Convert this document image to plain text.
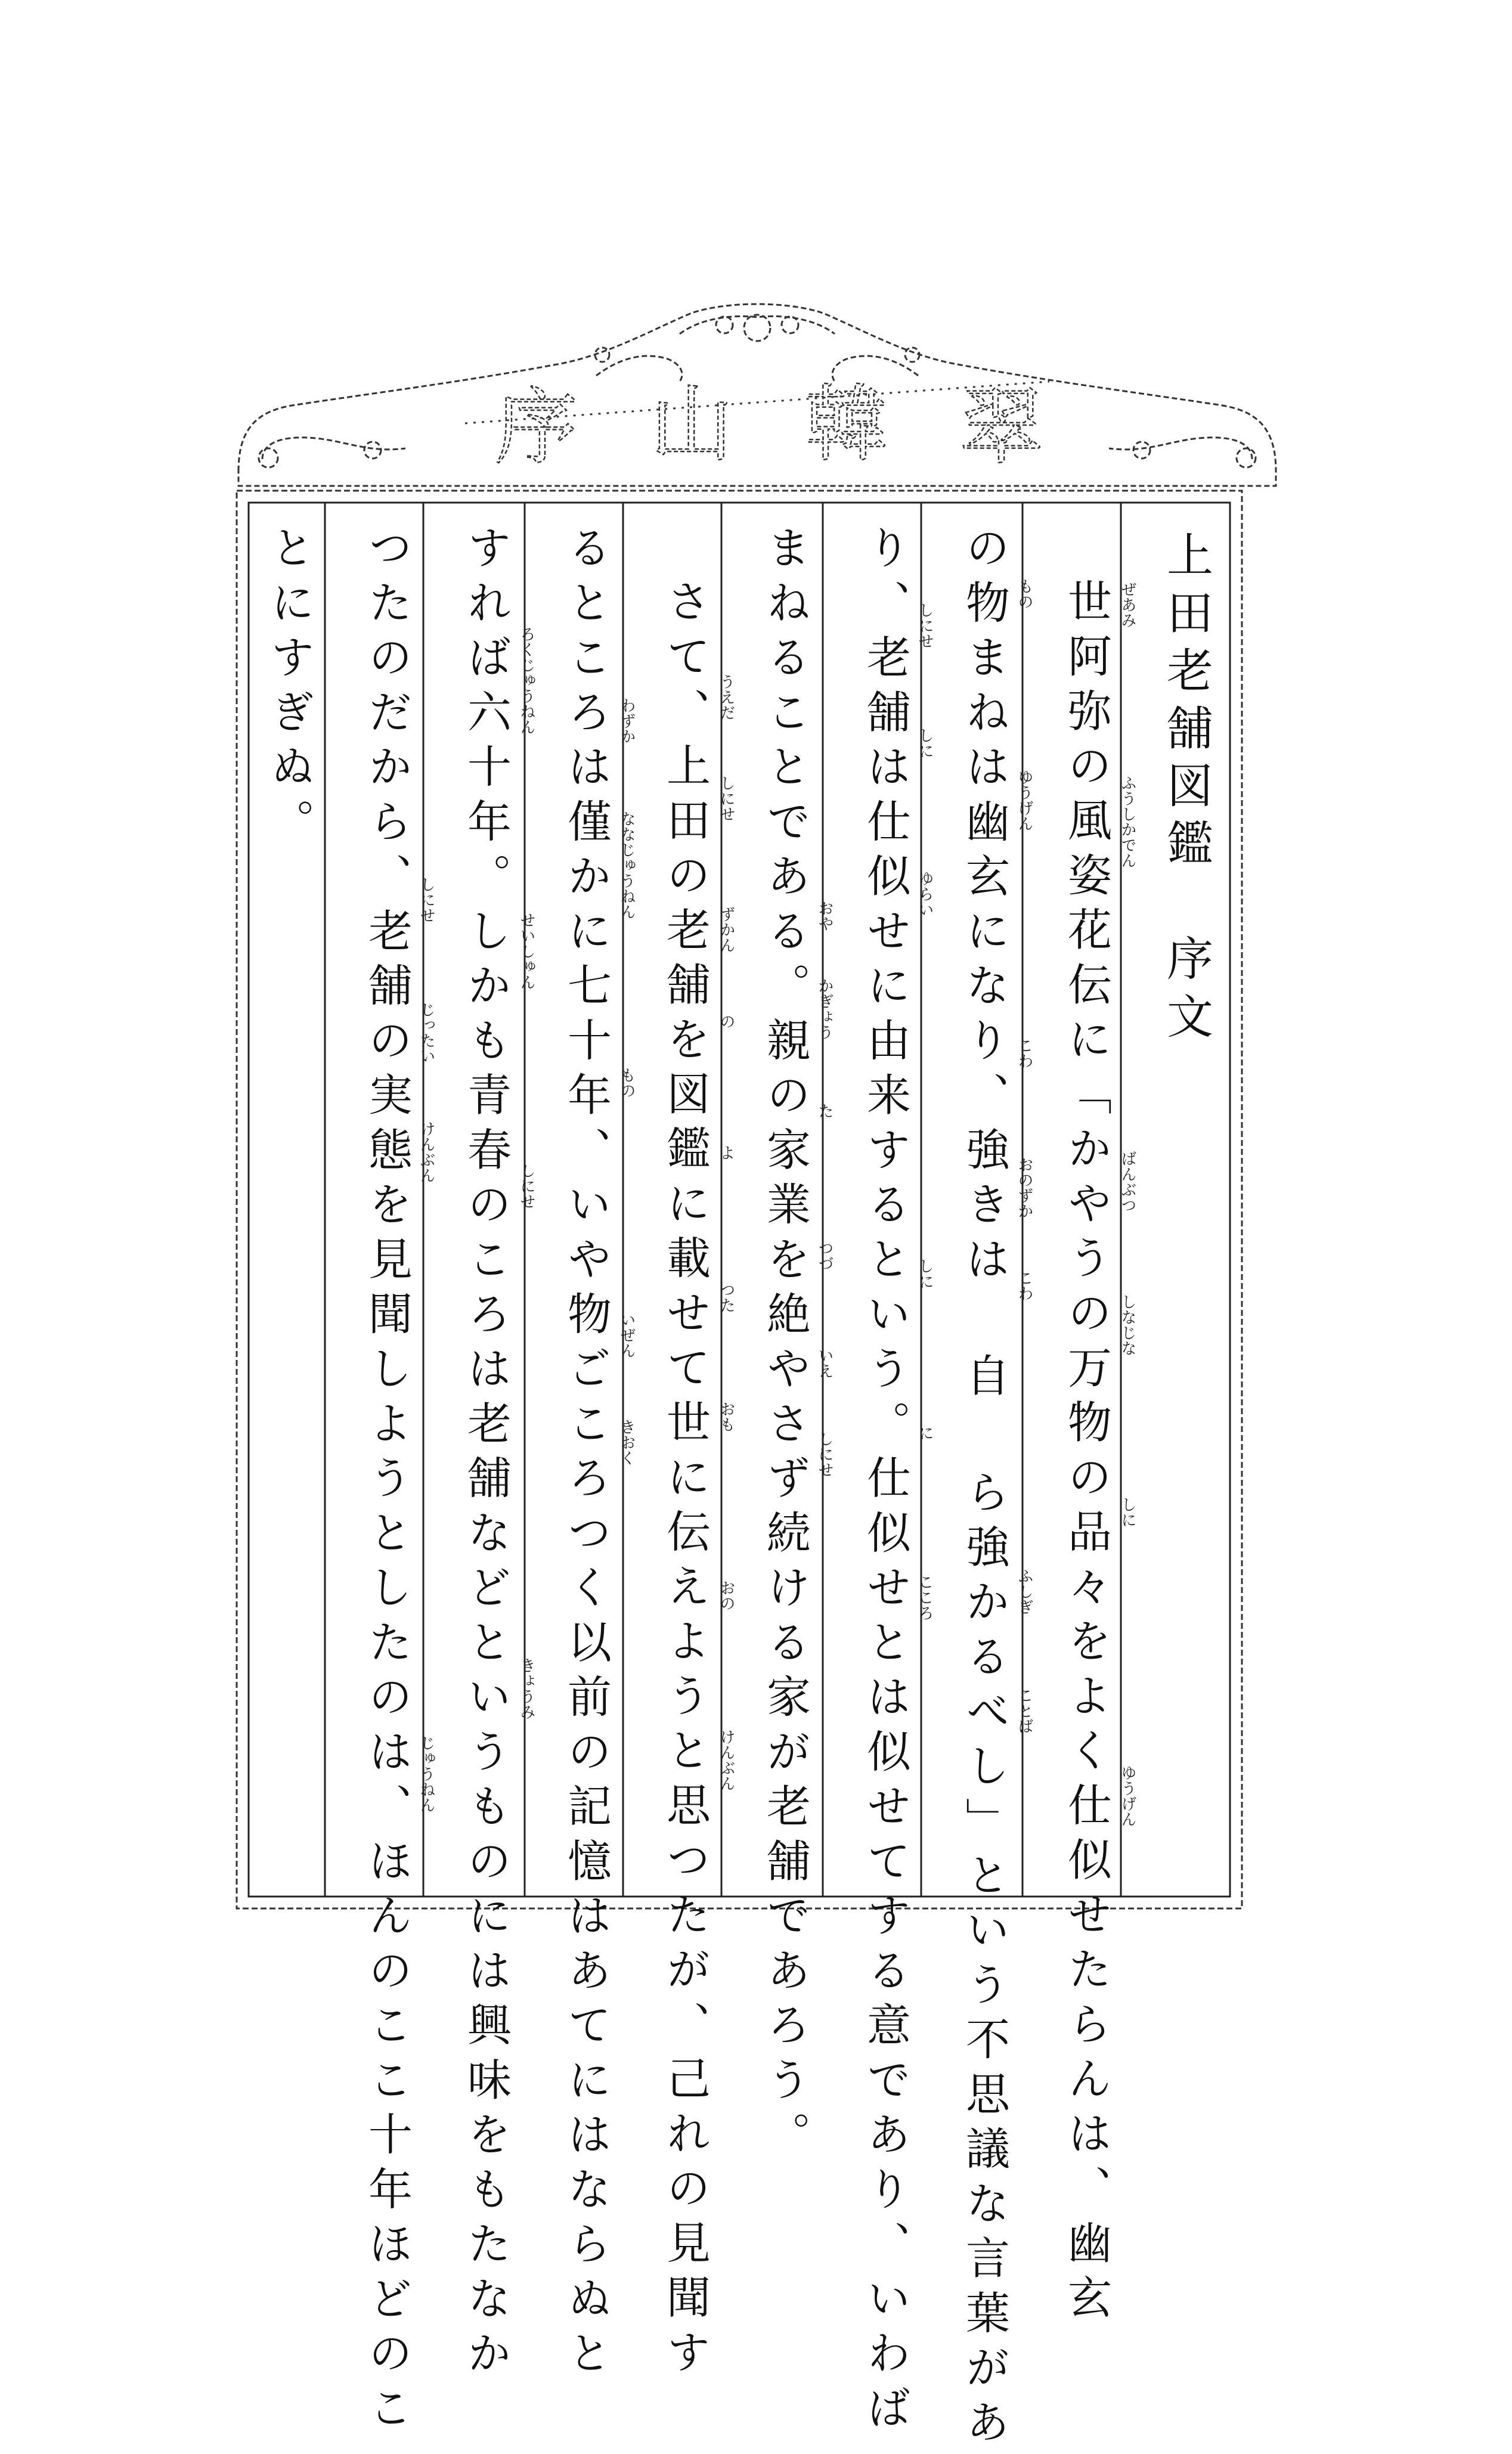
序 山 韓 翠
上田老舗図鑑　序文
世阿弥の風姿花伝に「かやうの万物の品々をよく仕似せたらんは、幽玄
の物まねは幽玄になり、強きは 自 ら強かるべし」という不思議な言葉があ
り、老舗は仕似せに由来するという。仕似せとは似せてする意であり、いわば
まねることである。親の家業を絶やさず続ける家が老舗であろう。
さて、上田の老舗を図鑑に載せて世に伝えようと思つたが、己れの見聞す
るところは僅かに七十年、いや物ごころつく以前の記憶はあてにはならぬと
すれば六十年。しかも青春のころは老舗などというものには興味をもたなか
つたのだから、老舗の実態を見聞しようとしたのは、ほんのここ十年ほどのこ
とにすぎぬ。	ぜあみ
ふうしかでん
ばんぶつ
しなじな
しに
ゆうげん
もの
ゆうげん
こわ
おのずか
こわ
ふしぎ
ことば
しにせ
しに
ゆらい
しに
に
こころ
おや
かぎょう
た
つづ
いえ
しにせ
うえだ
しにせ
ずかん
の
よ
つた
おも
おの
けんぶん
わずか
ななじゅうねん
もの
いぜん
きおく
ろくじゅうねん
せいしゅん
しにせ
きょうみ
しにせ
じったい
けんぶん
じゅうねん
